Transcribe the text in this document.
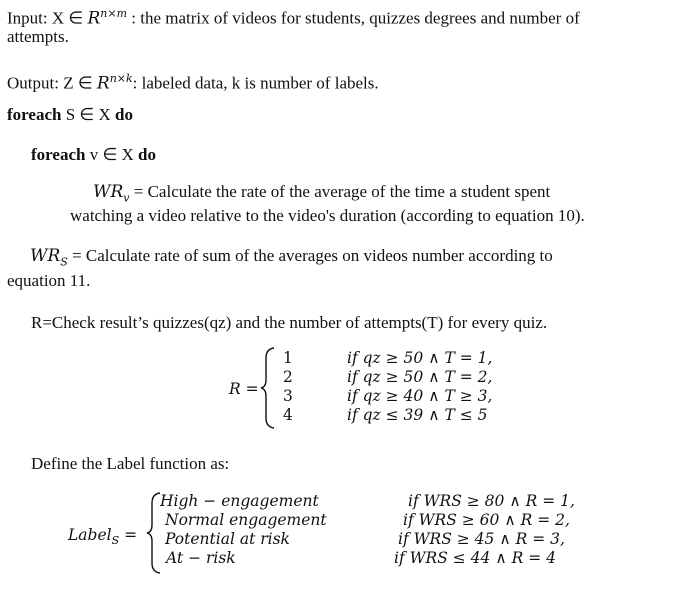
Input: X ∈ $R^{n\times m}$ : the matrix of videos for students, quizzes degrees and number of
attempts.
Output: Z ∈ $R^{n\times k}$: labeled data, k is number of labels.
foreach S ∈ X do
foreach v ∈ X do
$WR_v$ = Calculate the rate of the average of the time a student spent
watching a video relative to the video's duration (according to equation 10).
$WR_S$ = Calculate rate of sum of the averages on videos number according to
equation 11.
R=Check result’s quizzes(qz) and the number of attempts(T) for every quiz.
R =
1
2
3
4
if qz ≥ 50 ∧ T = 1,
if qz ≥ 50 ∧ T = 2,
if qz ≥ 40 ∧ T ≥ 3,
if qz ≤ 39 ∧ T ≤ 5
Define the Label function as:
Label$_S$ =
High − engagement
Normal engagement
Potential at risk
At − risk
if WRS ≥ 80 ∧ R = 1,
if WRS ≥ 60 ∧ R = 2,
if WRS ≥ 45 ∧ R = 3,
if WRS ≤ 44 ∧ R = 4
